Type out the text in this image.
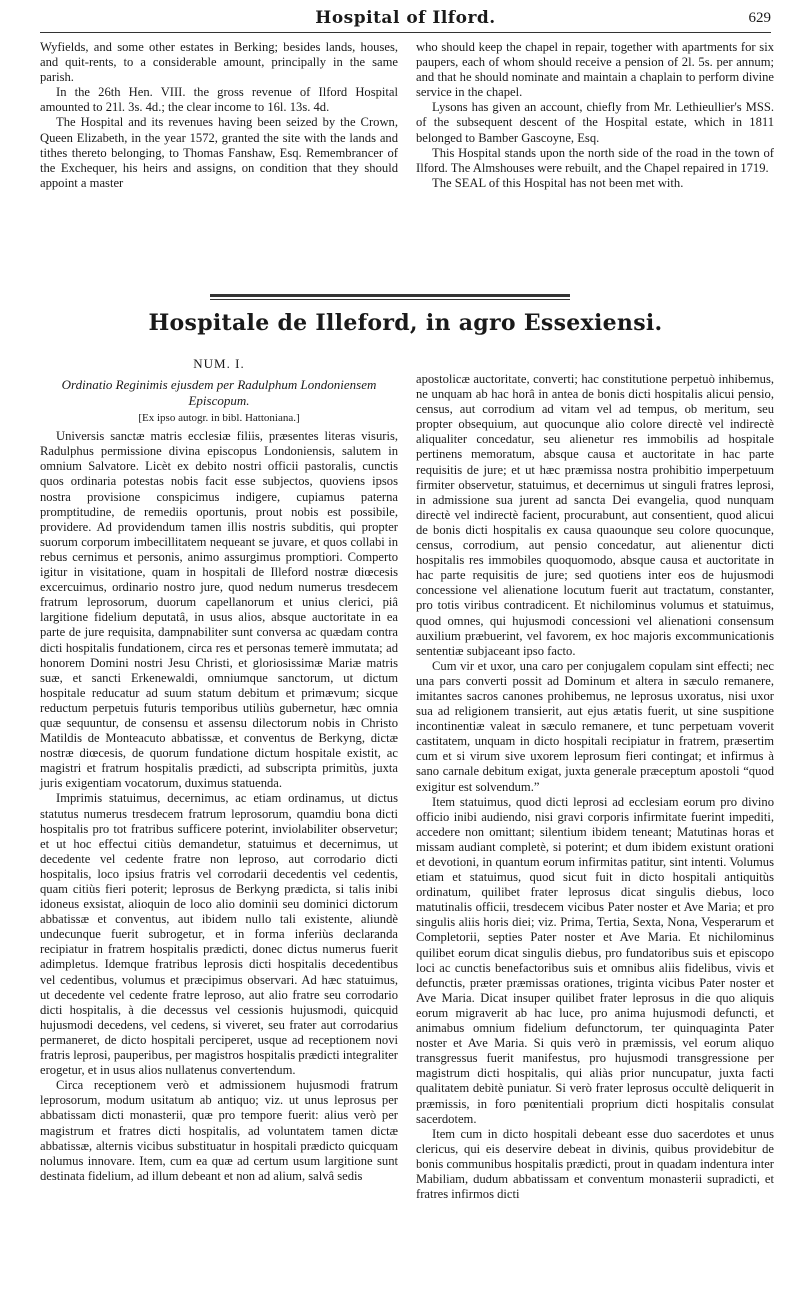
Hospital of Ilford.	629

Wyfields, and some other estates in Berking; besides lands, houses, and quit-rents, to a considerable amount, principally in the same parish.

In the 26th Hen. VIII. the gross revenue of Ilford Hospital amounted to 21l. 3s. 4d.; the clear income to 16l. 13s. 4d.

The Hospital and its revenues having been seized by the Crown, Queen Elizabeth, in the year 1572, granted the site with the lands and tithes thereto belonging, to Thomas Fanshaw, Esq. Remembrancer of the Exchequer, his heirs and assigns, on condition that they should appoint a master

who should keep the chapel in repair, together with apartments for six paupers, each of whom should receive a pension of 2l. 5s. per annum; and that he should nominate and maintain a chaplain to perform divine service in the chapel.

Lysons has given an account, chiefly from Mr. Lethieullier's MSS. of the subsequent descent of the Hospital estate, which in 1811 belonged to Bamber Gascoyne, Esq.

This Hospital stands upon the north side of the road in the town of Ilford. The Almshouses were rebuilt, and the Chapel repaired in 1719.

The SEAL of this Hospital has not been met with.

Hospitale de Illeford, in agro Essexiensi.
NUM. I.
Ordinatio Reginimis ejusdem per Radulphum Londoniensem Episcopum.
[Ex ipso autogr. in bibl. Hattoniana.]

Universis sanctæ matris ecclesiæ filiis, præsentes literas visuris, Radulphus permissione divina episcopus Londoniensis, salutem in omnium Salvatore. Licèt ex debito nostri officii pastoralis, cunctis quos ordinaria potestas nobis facit esse subjectos, quoviens ipsos nostra provisione conspicimus indigere, cupiamus paterna promptitudine, de remediis oportunis, prout nobis est possibile, providere. Ad providendum tamen illis nostris subditis, qui propter suorum corporum imbecillitatem nequeant se juvare, et quos collabi in rebus cernimus et personis, animo assurgimus promptiori. Comperto igitur in visitatione, quam in hospitali de Illeford nostræ diœcesis excercuimus, ordinario nostro jure, quod nedum numerus tresdecem fratrum leprosorum, duorum capellanorum et unius clerici, piâ largitione fidelium deputatâ, in usus alios, absque auctoritate in ea parte de jure requisita, dampnabiliter sunt conversa ac quædam contra dicti hospitalis fundationem, circa res et personas temerè immutata; ad honorem Domini nostri Jesu Christi, et gloriosissimæ Mariæ matris suæ, et sancti Erkenewaldi, omniumque sanctorum, ut dictum hospitale reducatur ad suum statum debitum et primævum; sicque reductum perpetuis futuris temporibus utiliùs gubernetur, hæc omnia quæ sequuntur, de consensu et assensu dilectorum nobis in Christo Matildis de Monteacuto abbatissæ, et conventus de Berkyng, dictæ nostræ diœcesis, de quorum fundatione dictum hospitale existit, ac magistri et fratrum hospitalis prædicti, ad subscripta primitùs, juxta juris exigentiam vocatorum, duximus statuenda.

Imprimis statuimus, decernimus, ac etiam ordinamus, ut dictus statutus numerus tresdecem fratrum leprosorum, quamdiu bona dicti hospitalis pro tot fratribus sufficere poterint, inviolabiliter observetur; et ut hoc effectui citiùs demandetur, statuimus et decernimus, ut decedente vel cedente fratre non leproso, aut corrodario dicti hospitalis, loco ipsius fratris vel corrodarii decedentis vel cedentis, quam citiùs fieri poterit; leprosus de Berkyng prædicta, si talis inibi idoneus exsistat, alioquin de loco alio dominii seu dominici dictorum abbatissæ et conventus, aut ibidem nullo tali existente, aliundè undecunque fuerit subrogetur, et in forma inferiùs declaranda recipiatur in fratrem hospitalis prædicti, donec dictus numerus fuerit adimpletus. Idemque fratribus leprosis dicti hospitalis decedentibus vel cedentibus, volumus et præcipimus observari. Ad hæc statuimus, ut decedente vel cedente fratre leproso, aut alio fratre seu corrodario dicti hospitalis, à die decessus vel cessionis hujusmodi, quicquid hujusmodi decedens, vel cedens, si viveret, seu frater aut corrodarius permaneret, de dicto hospitali perciperet, usque ad receptionem novi fratris leprosi, pauperibus, per magistros hospitalis prædicti integraliter erogetur, et in usus alios nullatenus convertendum.

Circa receptionem verò et admissionem hujusmodi fratrum leprosorum, modum usitatum ab antiquo; viz. ut unus leprosus per abbatissam dicti monasterii, quæ pro tempore fuerit: alius verò per magistrum et fratres dicti hospitalis, ad voluntatem tamen dictæ abbatissæ, alternis vicibus substituatur in hospitali prædicto quicquam nolumus innovare. Item, cum ea quæ ad certum usum largitione sunt destinata fidelium, ad illum debeant et non ad alium, salvâ sedis

apostolicæ auctoritate, converti; hac constitutione perpetuò inhibemus, ne unquam ab hac horâ in antea de bonis dicti hospitalis alicui pensio, census, aut corrodium ad vitam vel ad tempus, ob meritum, seu propter obsequium, aut quocunque alio colore directè vel indirectè aliqualiter concedatur, seu alienetur res immobilis ad hospitale pertinens memoratum, absque causa et auctoritate in hac parte requisitis de jure; et ut hæc præmissa nostra prohibitio imperpetuum firmiter observetur, statuimus, et decernimus ut singuli fratres leprosi, in admissione sua jurent ad sancta Dei evangelia, quod nunquam directè vel indirectè facient, procurabunt, aut consentient, quod alicui de bonis dicti hospitalis ex causa quaounque seu colore quocunque, census, corrodium, aut pensio concedatur, aut alienentur dicti hospitalis res immobiles quoquomodo, absque causa et auctoritate in hac parte requisitis de jure; sed quotiens inter eos de hujusmodi concessione vel alienatione locutum fuerit aut tractatum, constanter, pro totis viribus contradicent. Et nichilominus volumus et statuimus, quod omnes, qui hujusmodi concessioni vel alienationi consensum auxilium præbuerint, vel favorem, ex hoc majoris excommunicationis sententiæ subjaceant ipso facto.

Cum vir et uxor, una caro per conjugalem copulam sint effecti; nec una pars converti possit ad Dominum et altera in sæculo remanere, imitantes sacros canones prohibemus, ne leprosus uxoratus, nisi uxor sua ad religionem transierit, aut ejus ætatis fuerit, ut sine suspitione incontinentiæ valeat in sæculo remanere, et tunc perpetuam voverit castitatem, unquam in dicto hospitali recipiatur in fratrem, præsertim cum et si virum sive uxorem leprosum fieri contingat; et infirmus à sano carnale debitum exigat, juxta generale præceptum apostoli “quod exigitur est solvendum.”

Item statuimus, quod dicti leprosi ad ecclesiam eorum pro divino officio inibi audiendo, nisi gravi corporis infirmitate fuerint impediti, accedere non omittant; silentium ibidem teneant; Matutinas horas et missam audiant completè, si poterint; et dum ibidem existunt orationi et devotioni, in quantum eorum infirmitas patitur, sint intenti. Volumus etiam et statuimus, quod sicut fuit in dicto hospitali antiquitùs ordinatum, quilibet frater leprosus dicat singulis diebus, loco matutinalis officii, tresdecem vicibus Pater noster et Ave Maria; et pro singulis aliis horis diei; viz. Prima, Tertia, Sexta, Nona, Vesperarum et Completorii, septies Pater noster et Ave Maria. Et nichilominus quilibet eorum dicat singulis diebus, pro fundatoribus suis et episcopo loci ac cunctis benefactoribus suis et omnibus aliis fidelibus, vivis et defunctis, præter præmissas orationes, triginta vicibus Pater noster et Ave Maria. Dicat insuper quilibet frater leprosus in die quo aliquis eorum migraverit ab hac luce, pro anima hujusmodi defuncti, et animabus omnium fidelium defunctorum, ter quinquaginta Pater noster et Ave Maria. Si quis verò in præmissis, vel eorum aliquo transgressus fuerit manifestus, pro hujusmodi transgressione per magistrum dicti hospitalis, qui aliàs prior nuncupatur, juxta facti qualitatem debitè puniatur. Si verò frater leprosus occultè deliquerit in præmissis, in foro pœnitentiali proprium dicti hospitalis consulat sacerdotem.

Item cum in dicto hospitali debeant esse duo sacerdotes et unus clericus, qui eis deservire debeat in divinis, quibus providebitur de bonis communibus hospitalis prædicti, prout in quadam indentura inter Mabiliam, dudum abbatissam et conventum monasterii supradicti, et fratres infirmos dicti
